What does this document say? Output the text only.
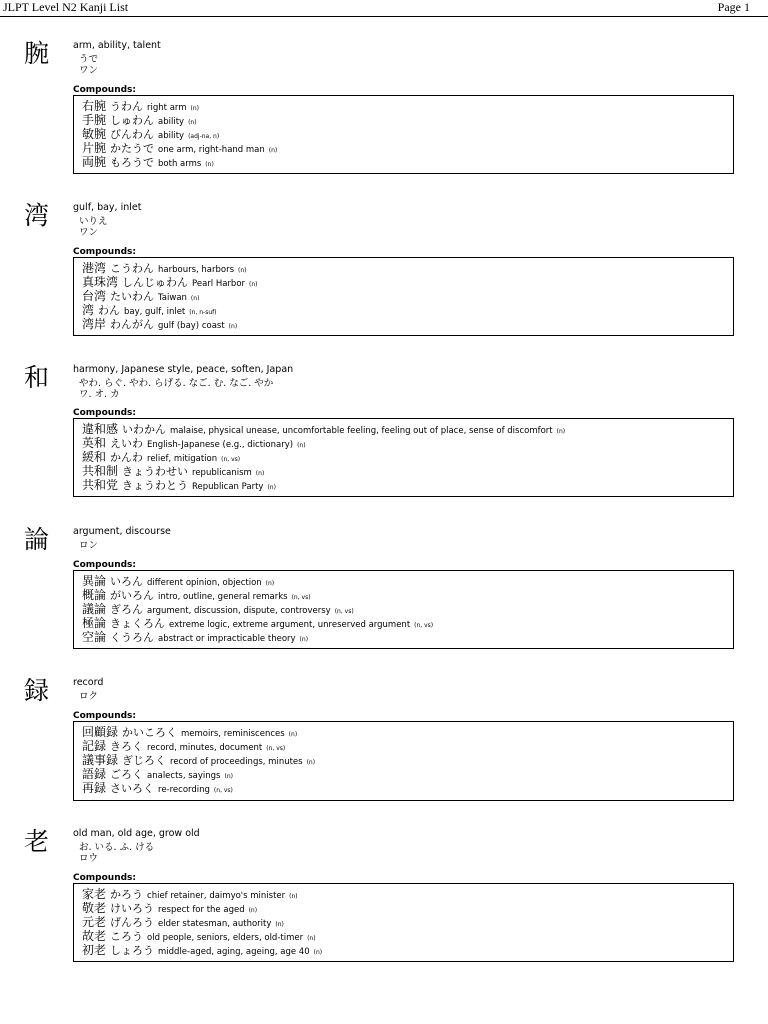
JLPT Level N2 Kanji List	Page 1
腕	arm, ability, talent
うで
ワン
Compounds:
右腕 うわん right arm (n)
手腕 しゅわん ability (n)
敏腕 びんわん ability (adj-na, n)
片腕 かたうで one arm, right-hand man (n)
両腕 もろうで both arms (n)
湾	gulf, bay, inlet
いりえ
ワン
Compounds:
港湾 こうわん harbours, harbors (n)
真珠湾 しんじゅわん Pearl Harbor (n)
台湾 たいわん Taiwan (n)
湾 わん bay, gulf, inlet (n, n-suf)
湾岸 わんがん gulf (bay) coast (n)
和	harmony, Japanese style, peace, soften, Japan
やわ. らぐ. やわ. らげる. なご. む. なご. やか
ワ. オ. カ
Compounds:
違和感 いわかん malaise, physical unease, uncomfortable feeling, feeling out of place, sense of discomfort (n)
英和 えいわ English-Japanese (e.g., dictionary) (n)
緩和 かんわ relief, mitigation (n, vs)
共和制 きょうわせい republicanism (n)
共和党 きょうわとう Republican Party (n)
論	argument, discourse
ロン
Compounds:
異論 いろん different opinion, objection (n)
概論 がいろん intro, outline, general remarks (n, vs)
議論 ぎろん argument, discussion, dispute, controversy (n, vs)
極論 きょくろん extreme logic, extreme argument, unreserved argument (n, vs)
空論 くうろん abstract or impracticable theory (n)
録	record
ロク
Compounds:
回顧録 かいころく memoirs, reminiscences (n)
記録 きろく record, minutes, document (n, vs)
議事録 ぎじろく record of proceedings, minutes (n)
語録 ごろく analects, sayings (n)
再録 さいろく re-recording (n, vs)
老	old man, old age, grow old
お. いる. ふ. ける
ロウ
Compounds:
家老 かろう chief retainer, daimyo's minister (n)
敬老 けいろう respect for the aged (n)
元老 げんろう elder statesman, authority (n)
故老 ころう old people, seniors, elders, old-timer (n)
初老 しょろう middle-aged, aging, ageing, age 40 (n)
